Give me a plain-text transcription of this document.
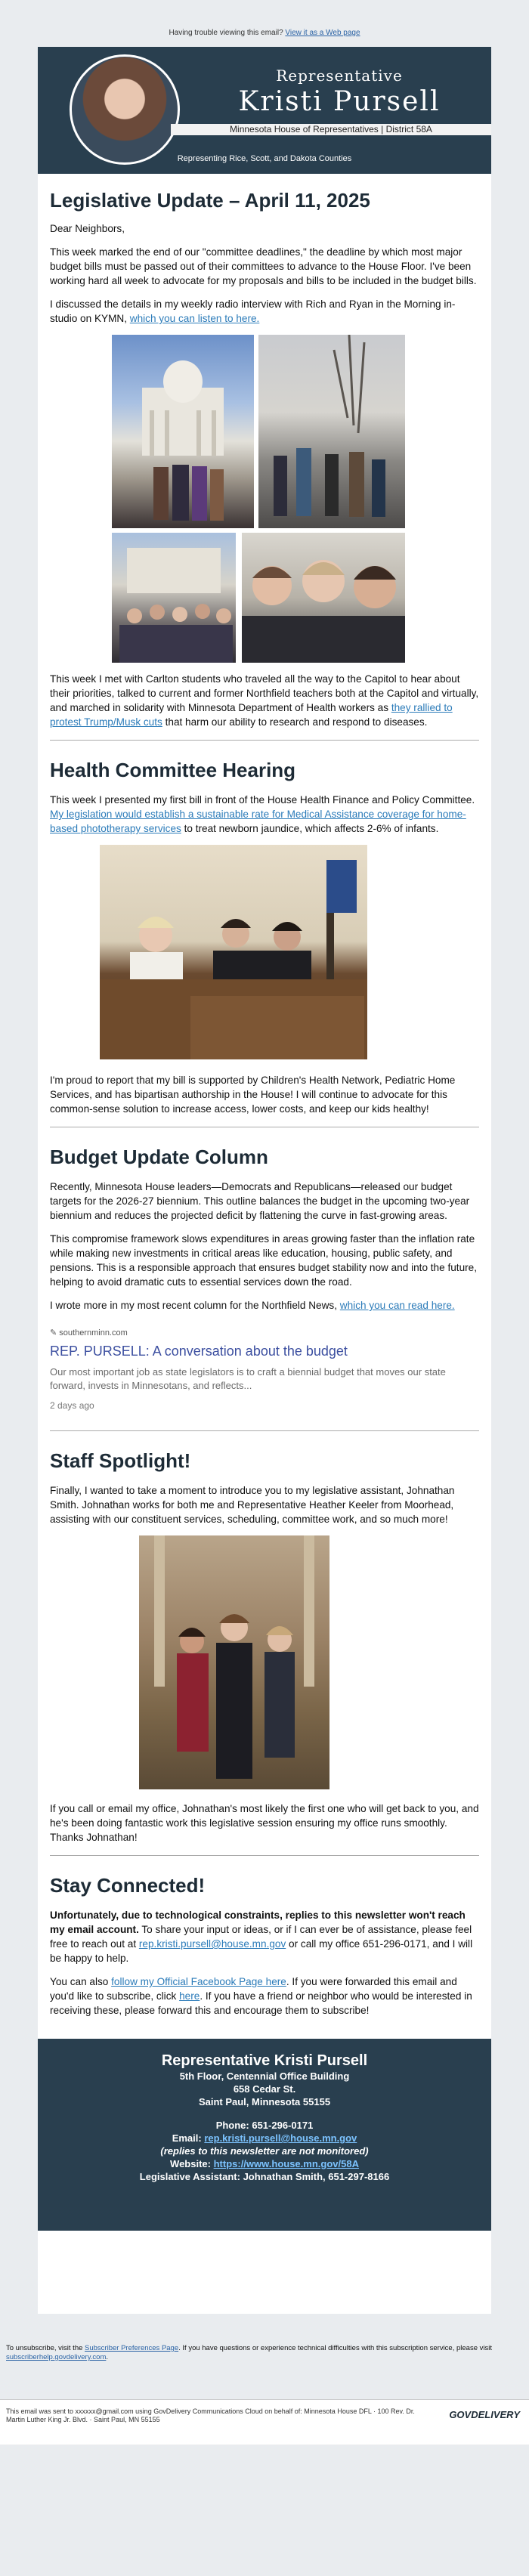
Having trouble viewing this email? View it as a Web page
Representative
Kristi Pursell
Minnesota House of Representatives | District 58A
Representing Rice, Scott, and Dakota Counties
Legislative Update – April 11, 2025

Dear Neighbors,

This week marked the end of our "committee deadlines," the deadline by which most major budget bills must be passed out of their committees to advance to the House Floor. I've been working hard all week to advocate for my proposals and bills to be included in the budget bills.

I discussed the details in my weekly radio interview with Rich and Ryan in the Morning in-studio on KYMN, which you can listen to here.

This week I met with Carlton students who traveled all the way to the Capitol to hear about their priorities, talked to current and former Northfield teachers both at the Capitol and virtually, and marched in solidarity with Minnesota Department of Health workers as they rallied to protest Trump/Musk cuts that harm our ability to research and respond to diseases.

Health Committee Hearing

This week I presented my first bill in front of the House Health Finance and Policy Committee. My legislation would establish a sustainable rate for Medical Assistance coverage for home-based phototherapy services to treat newborn jaundice, which affects 2-6% of infants.

I'm proud to report that my bill is supported by Children's Health Network, Pediatric Home Services, and has bipartisan authorship in the House! I will continue to advocate for this common-sense solution to increase access, lower costs, and keep our kids healthy!

Budget Update Column

Recently, Minnesota House leaders—Democrats and Republicans—released our budget targets for the 2026-27 biennium. This outline balances the budget in the upcoming two-year biennium and reduces the projected deficit by flattening the curve in fast-growing areas.

This compromise framework slows expenditures in areas growing faster than the inflation rate while making new investments in critical areas like education, housing, public safety, and pensions. This is a responsible approach that ensures budget stability now and into the future, helping to avoid dramatic cuts to essential services down the road.

I wrote more in my most recent column for the Northfield News, which you can read here.

✎ southernminn.com
REP. PURSELL: A conversation about the budget
Our most important job as state legislators is to craft a biennial budget that moves our state forward, invests in Minnesotans, and reflects...
2 days ago
Staff Spotlight!

Finally, I wanted to take a moment to introduce you to my legislative assistant, Johnathan Smith. Johnathan works for both me and Representative Heather Keeler from Moorhead, assisting with our constituent services, scheduling, committee work, and so much more!

If you call or email my office, Johnathan's most likely the first one who will get back to you, and he's been doing fantastic work this legislative session ensuring my office runs smoothly. Thanks Johnathan!

Stay Connected!

Unfortunately, due to technological constraints, replies to this newsletter won't reach my email account. To share your input or ideas, or if I can ever be of assistance, please feel free to reach out at rep.kristi.pursell@house.mn.gov or call my office 651-296-0171, and I will be happy to help.

You can also follow my Official Facebook Page here. If you were forwarded this email and you'd like to subscribe, click here. If you have a friend or neighbor who would be interested in receiving these, please forward this and encourage them to subscribe!

Representative Kristi Pursell
5th Floor, Centennial Office Building
658 Cedar St.
Saint Paul, Minnesota 55155
Phone: 651-296-0171
Email: rep.kristi.pursell@house.mn.gov
(replies to this newsletter are not monitored)
Website: https://www.house.mn.gov/58A
Legislative Assistant: Johnathan Smith, 651-297-8166
To unsubscribe, visit the Subscriber Preferences Page. If you have questions or experience technical difficulties with this subscription service, please visit subscriberhelp.govdelivery.com.
This email was sent to xxxxxx@gmail.com using GovDelivery Communications Cloud on behalf of: Minnesota House DFL · 100 Rev. Dr. Martin Luther King Jr. Blvd. · Saint Paul, MN 55155	GOVDELIVERY
